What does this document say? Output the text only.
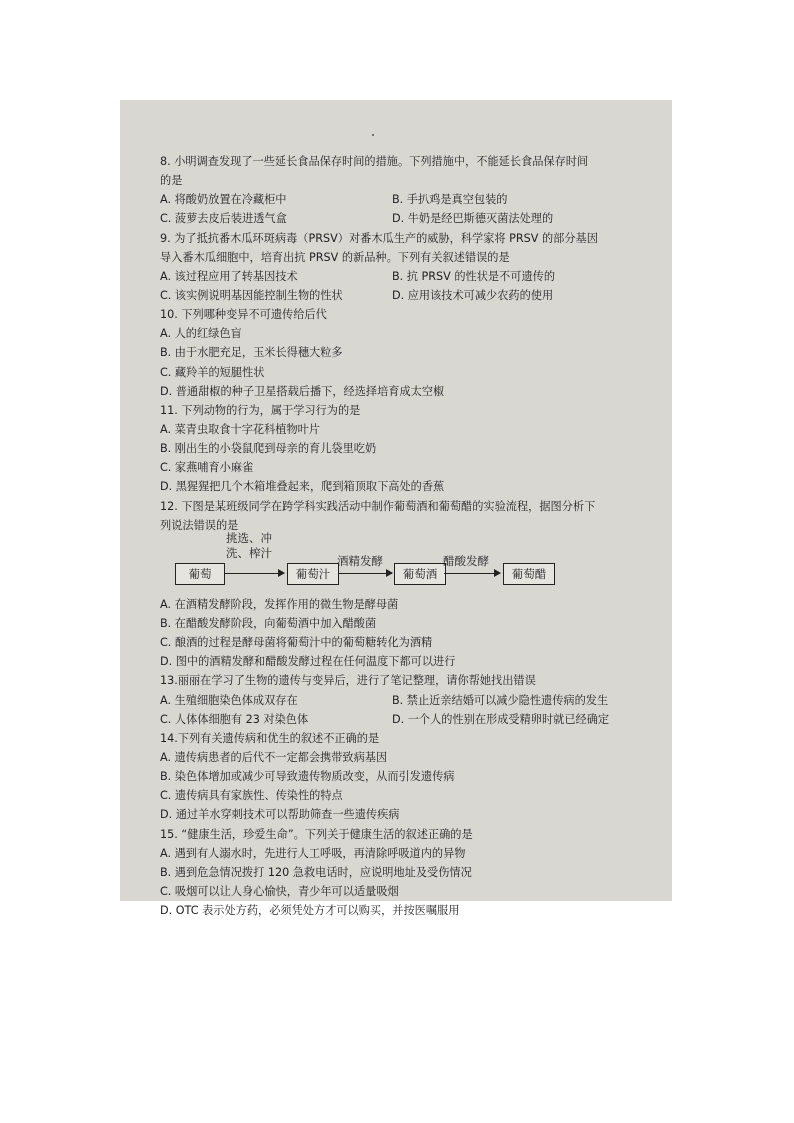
8. 小明调查发现了一些延长食品保存时间的措施。下列措施中，不能延长食品保存时间
的是
A. 将酸奶放置在冷藏柜中	B. 手扒鸡是真空包装的
C. 菠萝去皮后装进透气盒	D. 牛奶是经巴斯德灭菌法处理的
9. 为了抵抗番木瓜环斑病毒（PRSV）对番木瓜生产的威胁，科学家将 PRSV 的部分基因
导入番木瓜细胞中，培育出抗 PRSV 的新品种。下列有关叙述错误的是
A. 该过程应用了转基因技术	B. 抗 PRSV 的性状是不可遗传的
C. 该实例说明基因能控制生物的性状	D. 应用该技术可减少农药的使用
10. 下列哪种变异不可遗传给后代
A. 人的红绿色盲
B. 由于水肥充足，玉米长得穗大粒多
C. 藏羚羊的短腿性状
D. 普通甜椒的种子卫星搭载后播下，经选择培育成太空椒
11. 下列动物的行为，属于学习行为的是
A. 菜青虫取食十字花科植物叶片
B. 刚出生的小袋鼠爬到母亲的育儿袋里吃奶
C. 家燕哺育小麻雀
D. 黑猩猩把几个木箱堆叠起来，爬到箱顶取下高处的香蕉
12. 下图是某班级同学在跨学科实践活动中制作葡萄酒和葡萄醋的实验流程，据图分析下
列说法错误的是
葡萄
挑选、冲
洗、榨汁
葡萄汁
酒精发酵
葡萄酒
醋酸发酵
葡萄醋
A. 在酒精发酵阶段，发挥作用的微生物是酵母菌
B. 在醋酸发酵阶段，向葡萄酒中加入醋酸菌
C. 酿酒的过程是酵母菌将葡萄汁中的葡萄糖转化为酒精
D. 图中的酒精发酵和醋酸发酵过程在任何温度下都可以进行
13.丽丽在学习了生物的遗传与变异后，进行了笔记整理，请你帮她找出错误
A. 生殖细胞染色体成双存在	B. 禁止近亲结婚可以减少隐性遗传病的发生
C. 人体体细胞有 23 对染色体	D. 一个人的性别在形成受精卵时就已经确定
14.下列有关遗传病和优生的叙述不正确的是
A. 遗传病患者的后代不一定都会携带致病基因
B. 染色体增加或减少可导致遗传物质改变，从而引发遗传病
C. 遗传病具有家族性、传染性的特点
D. 通过羊水穿刺技术可以帮助筛查一些遗传疾病
15. “健康生活，珍爱生命”。下列关于健康生活的叙述正确的是
A. 遇到有人溺水时，先进行人工呼吸，再清除呼吸道内的异物
B. 遇到危急情况拨打 120 急救电话时，应说明地址及受伤情况
C. 吸烟可以让人身心愉快，青少年可以适量吸烟
D. OTC 表示处方药，必须凭处方才可以购买，并按医嘱服用
